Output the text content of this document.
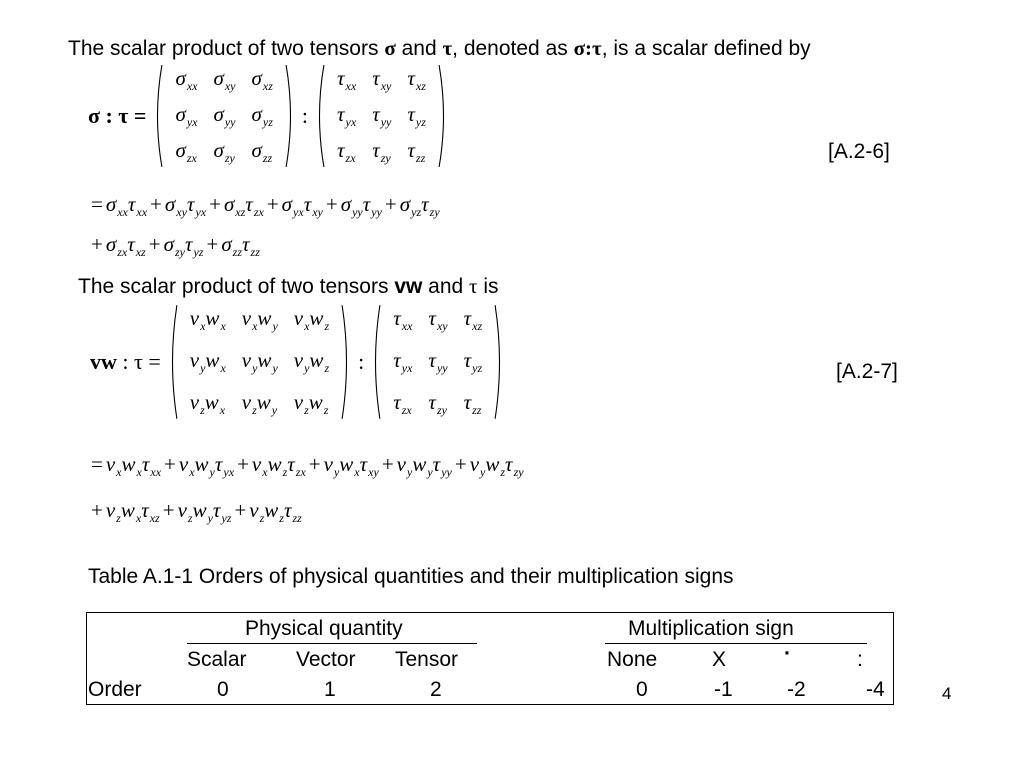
The scalar product of two tensors σ and τ, denoted as σ:τ, is a scalar defined by
σ : τ =
$\sigma_{xx}$ $\sigma_{xy}$ $\sigma_{xz}$
$\sigma_{yx}$ $\sigma_{yy}$ $\sigma_{yz}$
$\sigma_{zx}$ $\sigma_{zy}$ $\sigma_{zz}$
:
$\tau_{xx}$ $\tau_{xy}$ $\tau_{xz}$
$\tau_{yx}$ $\tau_{yy}$ $\tau_{yz}$
$\tau_{zx}$ $\tau_{zy}$ $\tau_{zz}$	[A.2-6]
= $\sigma_{xx}\tau_{xx} + \sigma_{xy}\tau_{yx} + \sigma_{xz}\tau_{zx} + \sigma_{yx}\tau_{xy} + \sigma_{yy}\tau_{yy} + \sigma_{yz}\tau_{zy}$
+ $\sigma_{zx}\tau_{xz} + \sigma_{zy}\tau_{yz} + \sigma_{zz}\tau_{zz}$
The scalar product of two tensors vw and τ is
vw : τ =
$v_xw_x$ $v_xw_y$ $v_xw_z$
$v_yw_x$ $v_yw_y$ $v_yw_z$
$v_zw_x$ $v_zw_y$ $v_zw_z$
:
$\tau_{xx}$ $\tau_{xy}$ $\tau_{xz}$
$\tau_{yx}$ $\tau_{yy}$ $\tau_{yz}$
$\tau_{zx}$ $\tau_{zy}$ $\tau_{zz}$
[A.2-7]
= $v_xw_x\tau_{xx} + v_xw_y\tau_{yx} + v_xw_z\tau_{zx} + v_yw_x\tau_{xy} + v_yw_y\tau_{yy} + v_yw_z\tau_{zy}$
+ $v_zw_x\tau_{xz} + v_zw_y\tau_{yz} + v_zw_z\tau_{zz}$
Table A.1-1 Orders of physical quantities and their multiplication signs
Physical quantity	Multiplication sign
Scalar Vector Tensor	None	X	·	:
Order	0	1	2	0	-1	-2	-4	4
